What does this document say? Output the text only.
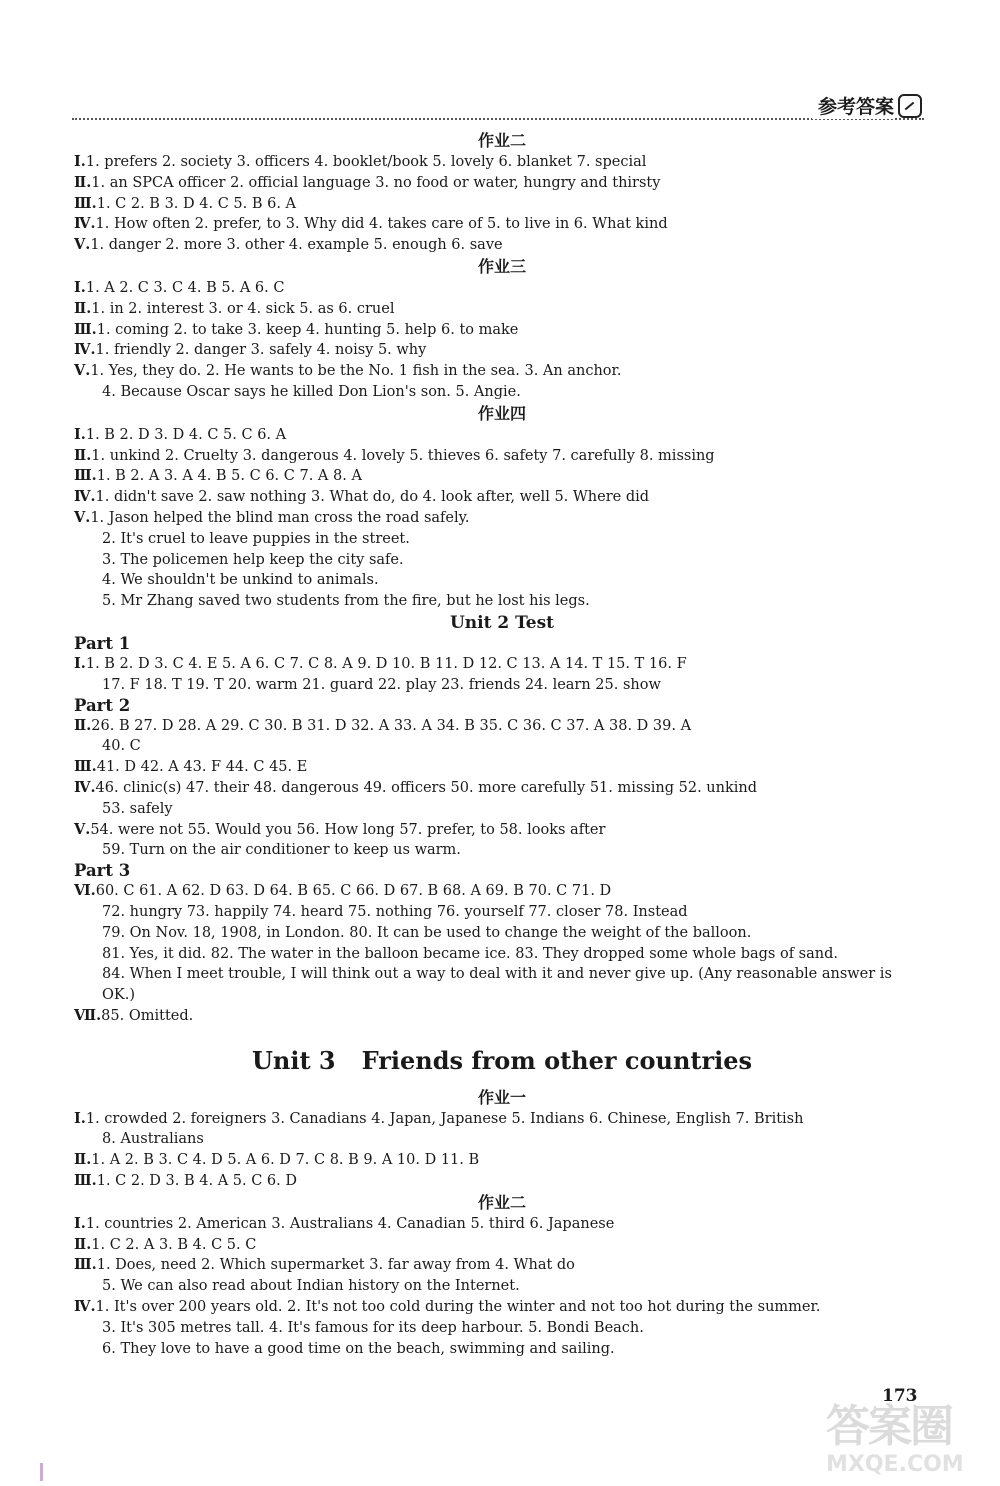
参考答案
作业二
Ⅰ.1. prefers 2. society 3. officers 4. booklet/book 5. lovely 6. blanket 7. special
Ⅱ.1. an SPCA officer 2. official language 3. no food or water, hungry and thirsty
Ⅲ.1. C 2. B 3. D 4. C 5. B 6. A
Ⅳ.1. How often 2. prefer, to 3. Why did 4. takes care of 5. to live in 6. What kind
Ⅴ.1. danger 2. more 3. other 4. example 5. enough 6. save
作业三
Ⅰ.1. A 2. C 3. C 4. B 5. A 6. C
Ⅱ.1. in 2. interest 3. or 4. sick 5. as 6. cruel
Ⅲ.1. coming 2. to take 3. keep 4. hunting 5. help 6. to make
Ⅳ.1. friendly 2. danger 3. safely 4. noisy 5. why
Ⅴ.1. Yes, they do. 2. He wants to be the No. 1 fish in the sea. 3. An anchor.
4. Because Oscar says he killed Don Lion's son. 5. Angie.
作业四
Ⅰ.1. B 2. D 3. D 4. C 5. C 6. A
Ⅱ.1. unkind 2. Cruelty 3. dangerous 4. lovely 5. thieves 6. safety 7. carefully 8. missing
Ⅲ.1. B 2. A 3. A 4. B 5. C 6. C 7. A 8. A
Ⅳ.1. didn't save 2. saw nothing 3. What do, do 4. look after, well 5. Where did
Ⅴ.1. Jason helped the blind man cross the road safely.
2. It's cruel to leave puppies in the street.
3. The policemen help keep the city safe.
4. We shouldn't be unkind to animals.
5. Mr Zhang saved two students from the fire, but he lost his legs.
Unit 2 Test
Part 1
Ⅰ.1. B 2. D 3. C 4. E 5. A 6. C 7. C 8. A 9. D 10. B 11. D 12. C 13. A 14. T 15. T 16. F
17. F 18. T 19. T 20. warm 21. guard 22. play 23. friends 24. learn 25. show
Part 2
Ⅱ.26. B 27. D 28. A 29. C 30. B 31. D 32. A 33. A 34. B 35. C 36. C 37. A 38. D 39. A
40. C
Ⅲ.41. D 42. A 43. F 44. C 45. E
Ⅳ.46. clinic(s) 47. their 48. dangerous 49. officers 50. more carefully 51. missing 52. unkind
53. safely
Ⅴ.54. were not 55. Would you 56. How long 57. prefer, to 58. looks after
59. Turn on the air conditioner to keep us warm.
Part 3
Ⅵ.60. C 61. A 62. D 63. D 64. B 65. C 66. D 67. B 68. A 69. B 70. C 71. D
72. hungry 73. happily 74. heard 75. nothing 76. yourself 77. closer 78. Instead
79. On Nov. 18, 1908, in London. 80. It can be used to change the weight of the balloon.
81. Yes, it did. 82. The water in the balloon became ice. 83. They dropped some whole bags of sand.
84. When I meet trouble, I will think out a way to deal with it and never give up. (Any reasonable answer is
OK.)
Ⅶ.85. Omitted.
Unit 3 Friends from other countries
作业一
Ⅰ.1. crowded 2. foreigners 3. Canadians 4. Japan, Japanese 5. Indians 6. Chinese, English 7. British
8. Australians
Ⅱ.1. A 2. B 3. C 4. D 5. A 6. D 7. C 8. B 9. A 10. D 11. B
Ⅲ.1. C 2. D 3. B 4. A 5. C 6. D
作业二
Ⅰ.1. countries 2. American 3. Australians 4. Canadian 5. third 6. Japanese
Ⅱ.1. C 2. A 3. B 4. C 5. C
Ⅲ.1. Does, need 2. Which supermarket 3. far away from 4. What do
5. We can also read about Indian history on the Internet.
Ⅳ.1. It's over 200 years old. 2. It's not too cold during the winter and not too hot during the summer.
3. It's 305 metres tall. 4. It's famous for its deep harbour. 5. Bondi Beach.
6. They love to have a good time on the beach, swimming and sailing.
173
答案圈
MXQE.COM
